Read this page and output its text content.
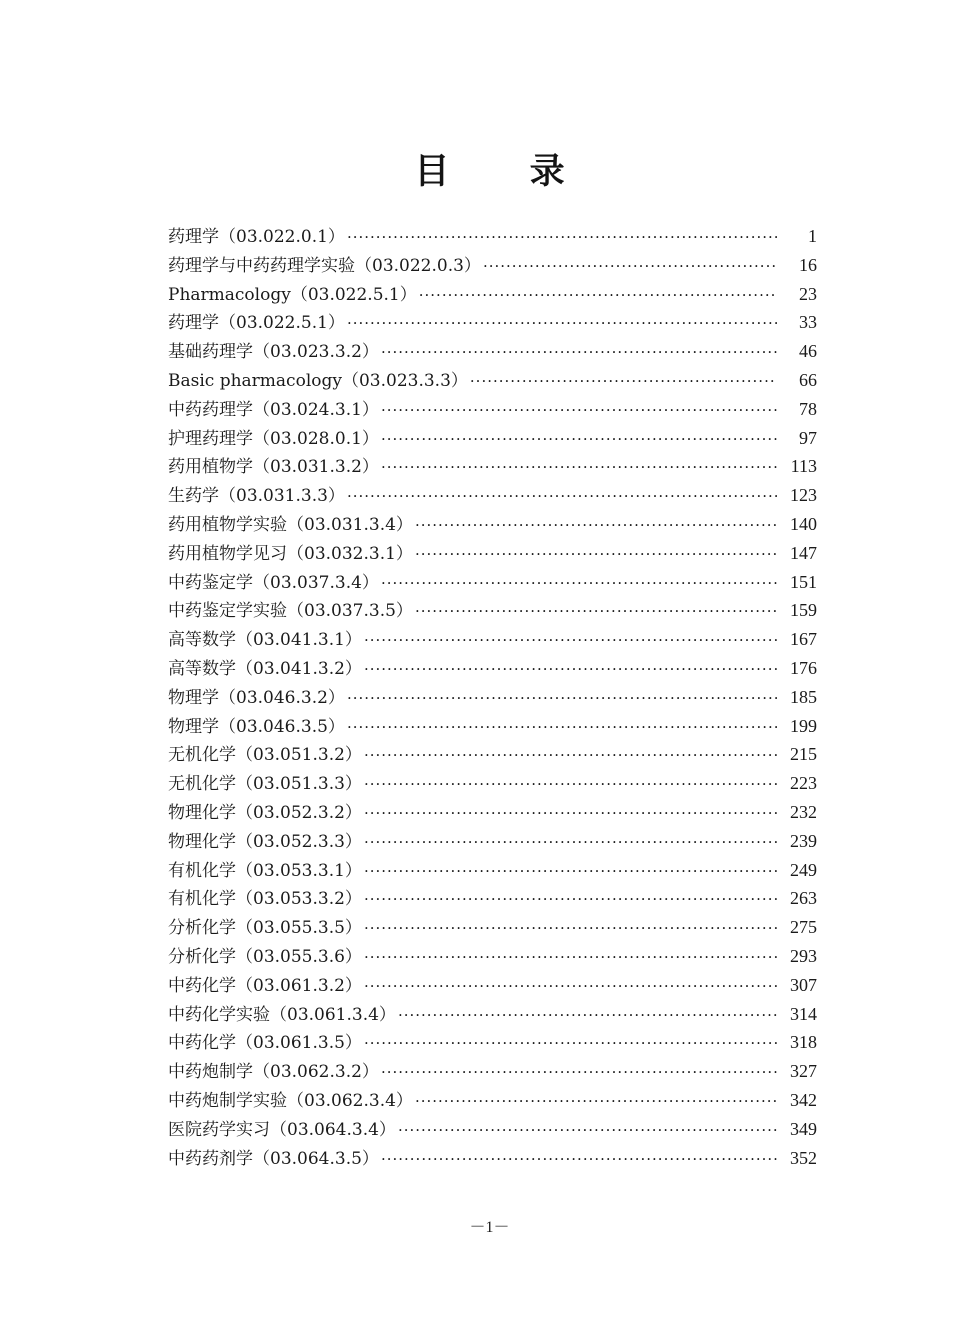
目 录
药理学（03.022.0.1） ·····	1
药理学与中药药理学实验（03.022.0.3） ·····	16
Pharmacology（03.022.5.1） ·····	23
药理学（03.022.5.1） ·····	33
基础药理学（03.023.3.2） ·····	46
Basic pharmacology（03.023.3.3） ·····	66
中药药理学（03.024.3.1） ·····	78
护理药理学（03.028.0.1） ·····	97
药用植物学（03.031.3.2） ·····	113
生药学（03.031.3.3） ·····	123
药用植物学实验（03.031.3.4） ·····	140
药用植物学见习（03.032.3.1） ·····	147
中药鉴定学（03.037.3.4） ·····	151
中药鉴定学实验（03.037.3.5） ·····	159
高等数学（03.041.3.1） ·····	167
高等数学（03.041.3.2） ·····	176
物理学（03.046.3.2） ·····	185
物理学（03.046.3.5） ·····	199
无机化学（03.051.3.2） ·····	215
无机化学（03.051.3.3） ·····	223
物理化学（03.052.3.2） ·····	232
物理化学（03.052.3.3） ·····	239
有机化学（03.053.3.1） ·····	249
有机化学（03.053.3.2） ·····	263
分析化学（03.055.3.5） ·····	275
分析化学（03.055.3.6） ·····	293
中药化学（03.061.3.2） ·····	307
中药化学实验（03.061.3.4） ·····	314
中药化学（03.061.3.5） ·····	318
中药炮制学（03.062.3.2） ·····	327
中药炮制学实验（03.062.3.4） ·····	342
医院药学实习（03.064.3.4） ·····	349
中药药剂学（03.064.3.5） ·····	352
－1－
